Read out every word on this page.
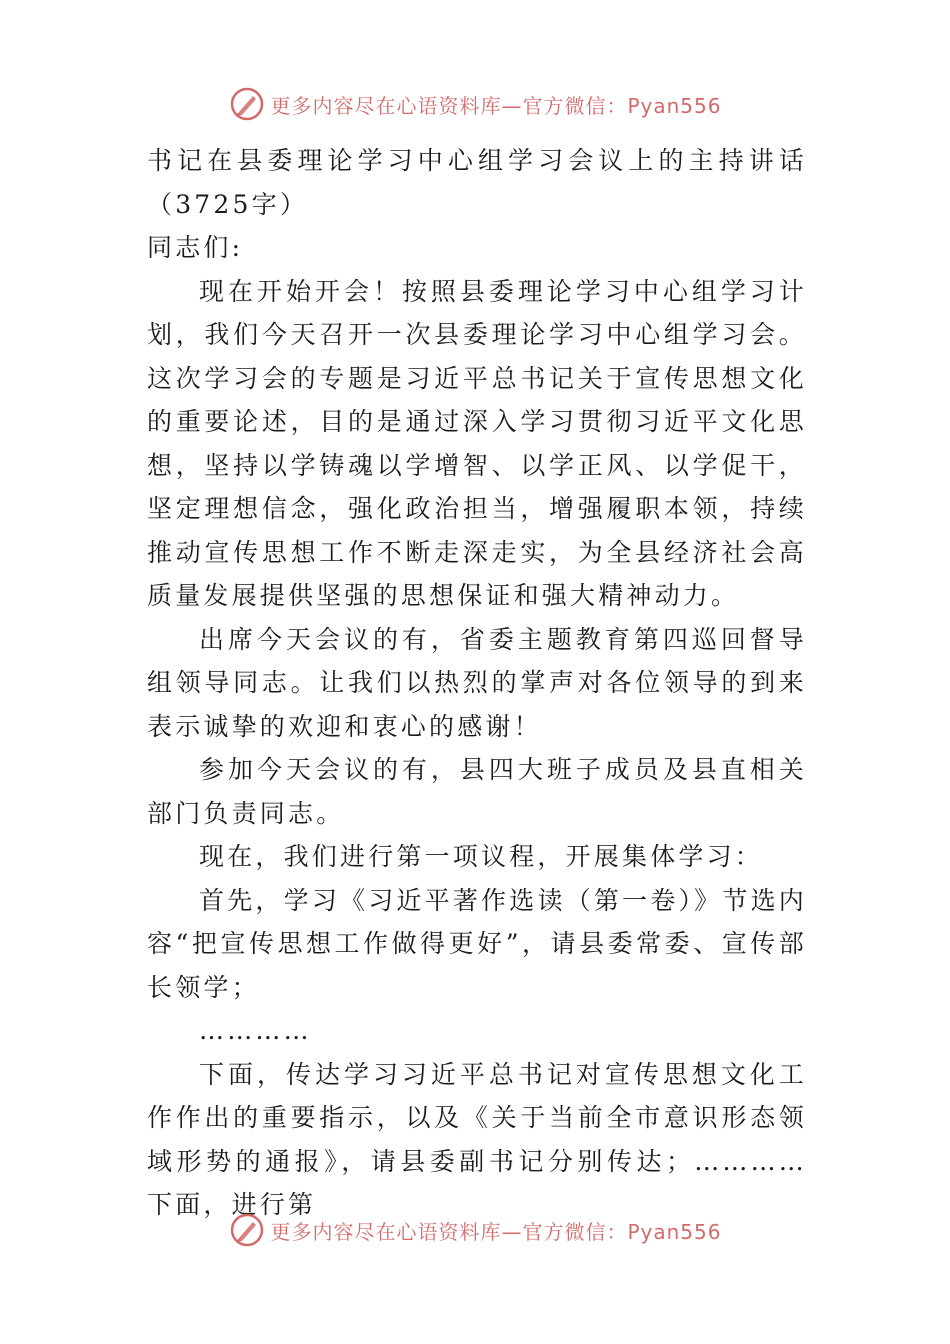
更多内容尽在心语资料库—官方微信：Pyan556

书记在县委理论学习中心组学习会议上的主持讲话（3725字）

同志们:

现在开始开会！按照县委理论学习中心组学习计划，我们今天召开一次县委理论学习中心组学习会。这次学习会的专题是习近平总书记关于宣传思想文化的重要论述，目的是通过深入学习贯彻习近平文化思想，坚持以学铸魂以学增智、以学正风、以学促干，坚定理想信念，强化政治担当，增强履职本领，持续推动宣传思想工作不断走深走实，为全县经济社会高质量发展提供坚强的思想保证和强大精神动力。

出席今天会议的有，省委主题教育第四巡回督导组领导同志。让我们以热烈的掌声对各位领导的到来表示诚挚的欢迎和衷心的感谢！

参加今天会议的有，县四大班子成员及县直相关部门负责同志。

现在，我们进行第一项议程，开展集体学习：

首先，学习《习近平著作选读（第一卷）》节选内容“把宣传思想工作做得更好”，请县委常委、宣传部长领学；

…………

下面，传达学习习近平总书记对宣传思想文化工作作出的重要指示，以及《关于当前全市意识形态领域形势的通报》，请县委副书记分别传达；…………下面，进行第

更多内容尽在心语资料库—官方微信：Pyan556
